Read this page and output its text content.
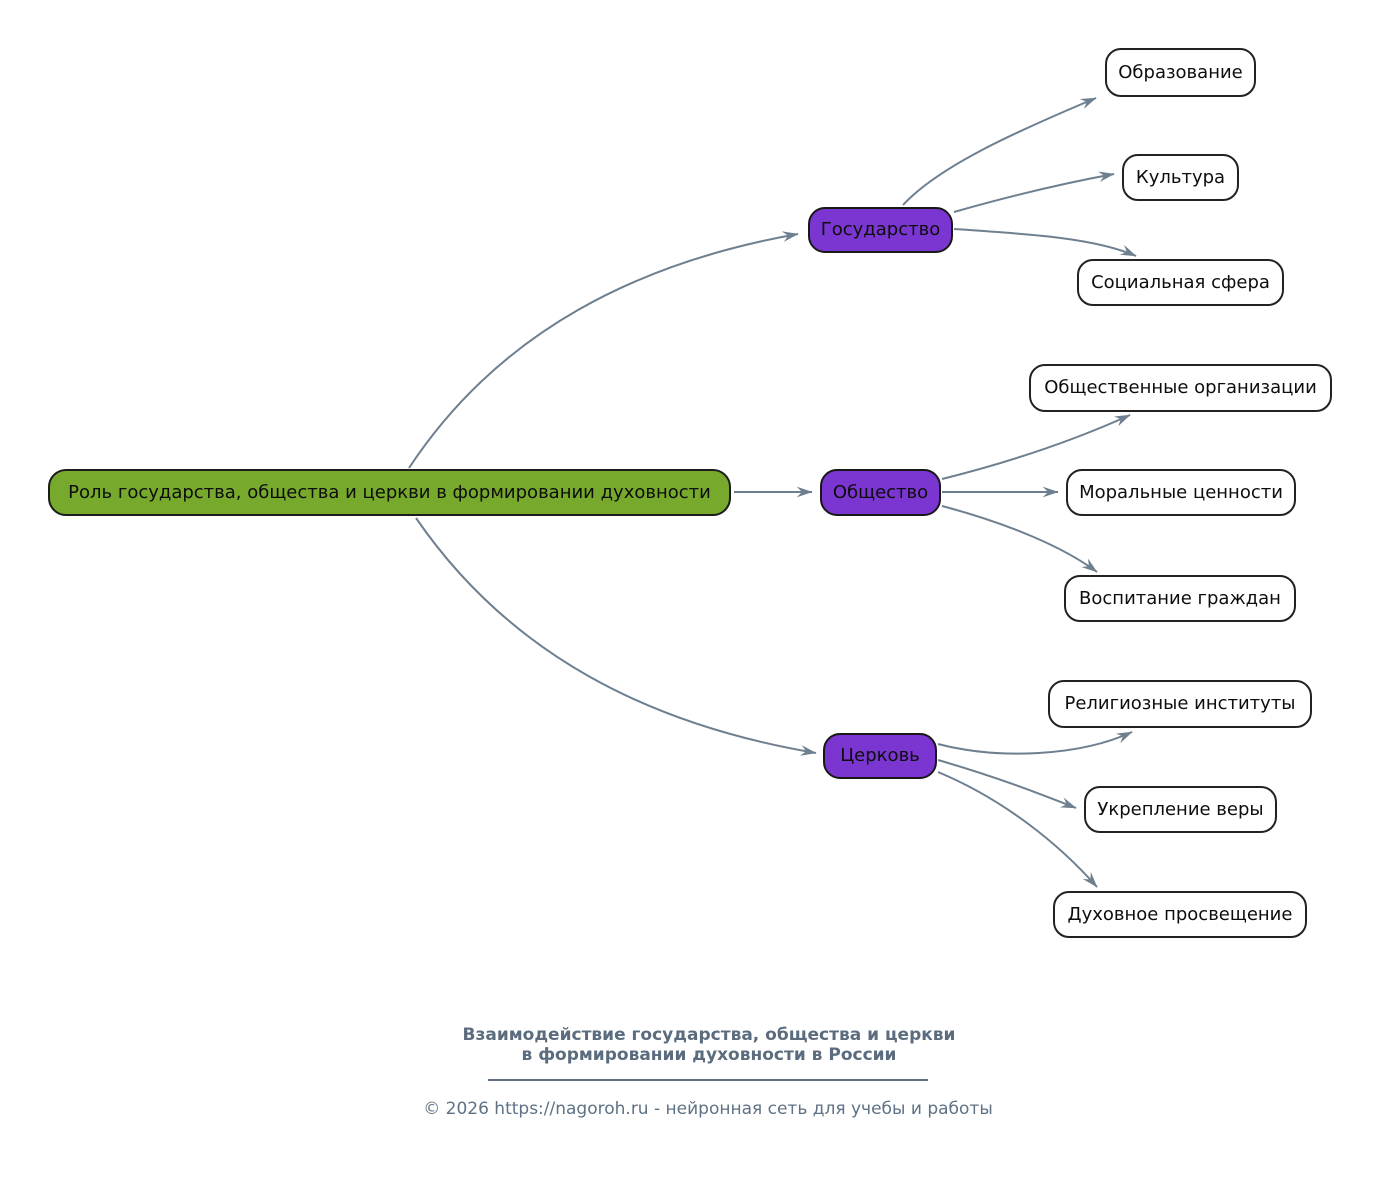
Роль государства, общества и церкви в формировании духовности
Государство
Общество
Церковь
Образование
Культура
Социальная сфера
Общественные организации
Моральные ценности
Воспитание граждан
Религиозные институты
Укрепление веры
Духовное просвещение
Взаимодействие государства, общества и церкви
в формировании духовности в России
© 2026 https://nagoroh.ru - нейронная сеть для учебы и работы
